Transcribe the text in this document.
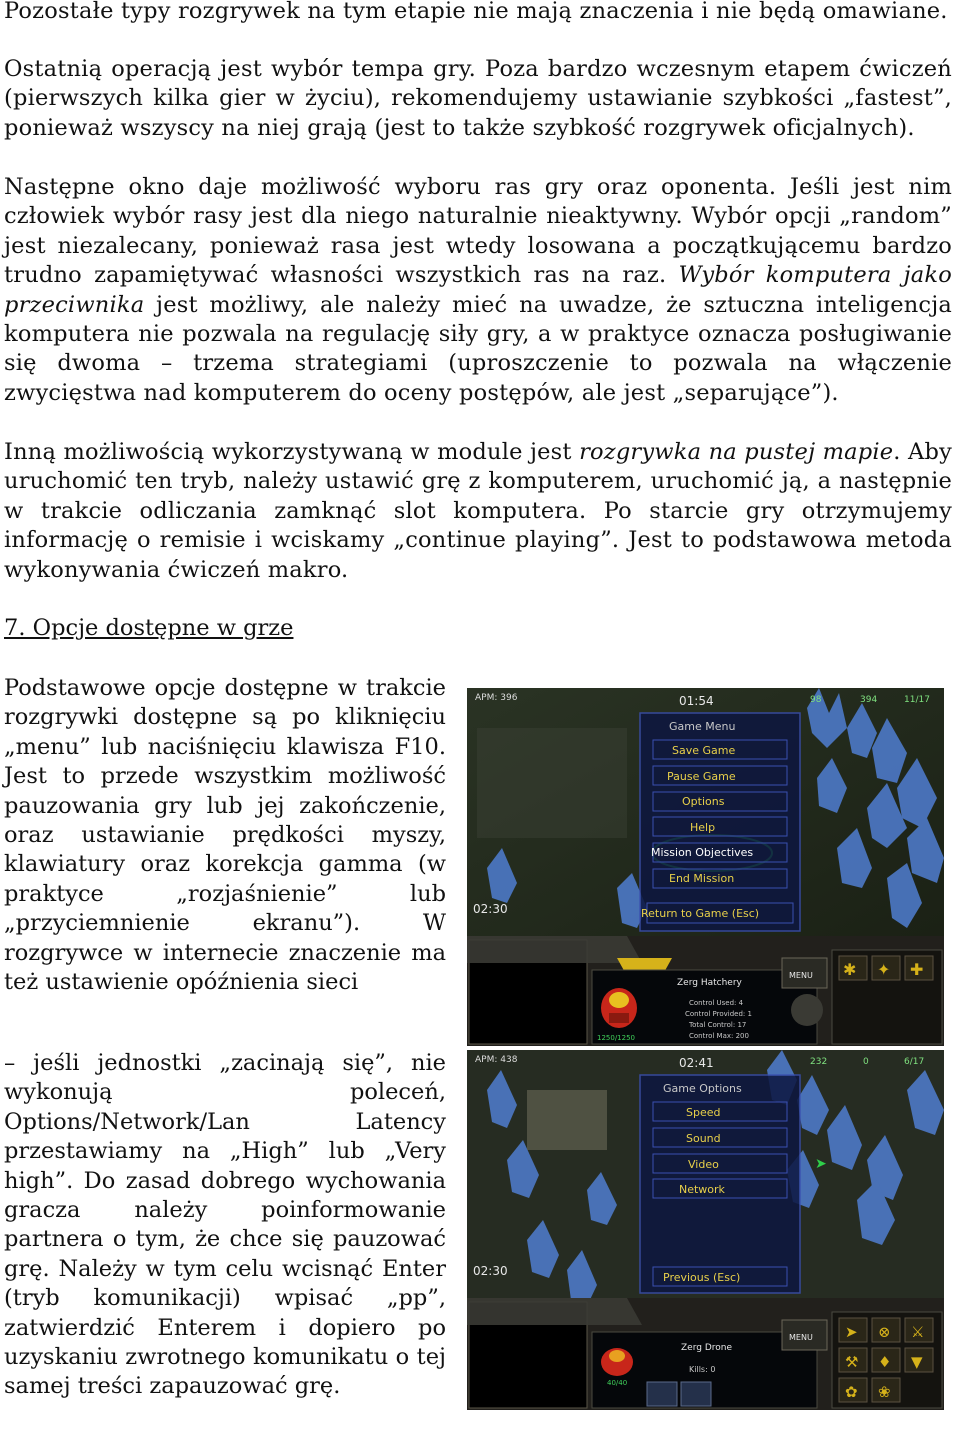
Pozostałe typy rozgrywek na tym etapie nie mają znaczenia i nie będą omawiane.

Ostatnią operacją jest wybór tempa gry. Poza bardzo wczesnym etapem ćwiczeń (pierwszych kilka gier w życiu), rekomendujemy ustawianie szybkości „fastest”, ponieważ wszyscy na niej grają (jest to także szybkość rozgrywek oficjalnych).

Następne okno daje możliwość wyboru ras gry oraz oponenta. Jeśli jest nim człowiek wybór rasy jest dla niego naturalnie nieaktywny. Wybór opcji „random” jest niezalecany, ponieważ rasa jest wtedy losowana a początkującemu bardzo trudno zapamiętywać własności wszystkich ras na raz. Wybór komputera jako przeciwnika jest możliwy, ale należy mieć na uwadze, że sztuczna inteligencja komputera nie pozwala na regulację siły gry, a w praktyce oznacza posługiwanie się dwoma – trzema strategiami (uproszczenie to pozwala na włączenie zwycięstwa nad komputerem do oceny postępów, ale jest „separujące”).

Inną możliwością wykorzystywaną w module jest rozgrywka na pustej mapie. Aby uruchomić ten tryb, należy ustawić grę z komputerem, uruchomić ją, a następnie w trakcie odliczania zamknąć slot komputera. Po starcie gry otrzymujemy informację o remisie i wciskamy „continue playing”. Jest to podstawowa metoda wykonywania ćwiczeń makro.

7. Opcje dostępne w grze

Podstawowe opcje dostępne w trakcie rozgrywki dostępne są po kliknięciu „menu” lub naciśnięciu klawisza F10. Jest to przede wszystkim możliwość pauzowania gry lub jej zakończenie, oraz ustawianie prędkości myszy, klawiatury oraz korekcja gamma (w praktyce „rozjaśnienie” lub „przyciemnienie ekranu”). W rozgrywce w internecie znaczenie ma też ustawienie opóźnienia sieci

– jeśli jednostki „zacinają się”, nie wykonują poleceń, Options/Network/Lan Latency przestawiamy na „High” lub „Very high”. Do zasad dobrego wychowania gracza należy poinformowanie partnera o tym, że chce się pauzować grę. Należy w tym celu wcisnąć Enter (tryb komunikacji) wpisać „pp”, zatwierdzić Enterem i dopiero po uzyskaniu zwrotnego komunikatu o tej samej treści zapauzować grę.

APM: 396	01:54	98	394	11/17
Game Menu
Save Game
Pause Game
Options
Help
Mission Objectives
End Mission
Return to Game (Esc)
02:30
1250/1250
Zerg Hatchery
Control Used: 4
Control Provided: 1
Total Control: 17
Control Max: 200
MENU ✱ ✦ ✚
APM: 438	02:41	232	0	6/17
Game Options
Speed
Sound
Video
Network
Previous (Esc)
➤
02:30
40/40
Zerg Drone
Kills: 0
MENU ➤ ⊗ ⚔
⚒ ♦ ▼
✿ ❀
